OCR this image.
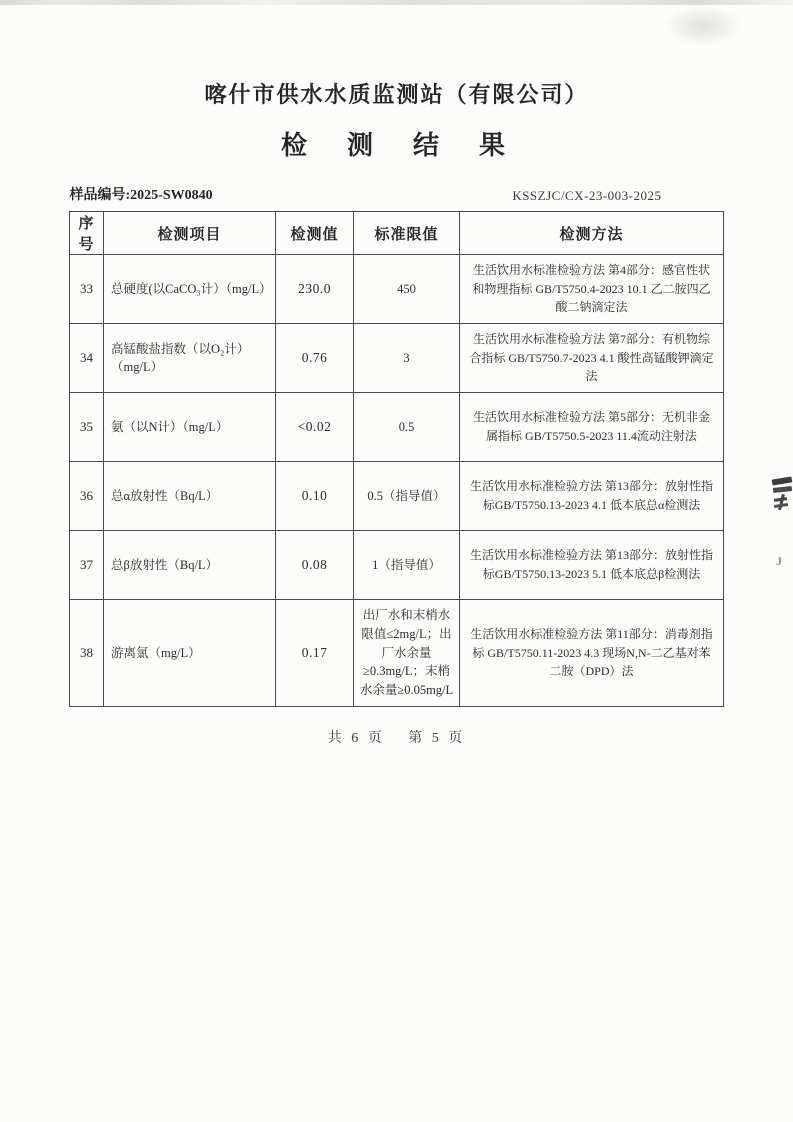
J
喀什市供水水质监测站（有限公司）
检　测　结　果
样品编号:2025-SW0840	KSSZJC/CX-23-003-2025
序号	检测项目	检测值	标准限值	检测方法
33	总硬度(以CaCO₃计）（mg/L）	230.0	450	生活饮用水标准检验方法 第4部分：感官性状和物理指标 GB/T5750.4-2023 10.1 乙二胺四乙酸二钠滴定法
34	高锰酸盐指数（以O₂计）（mg/L）	0.76	3	生活饮用水标准检验方法 第7部分：有机物综合指标 GB/T5750.7-2023 4.1 酸性高锰酸钾滴定法
35	氨（以N计）（mg/L）	<0.02	0.5	生活饮用水标准检验方法 第5部分：无机非金属指标 GB/T5750.5-2023 11.4流动注射法
36	总α放射性（Bq/L）	0.10	0.5（指导值）	生活饮用水标准检验方法 第13部分：放射性指标GB/T5750.13-2023 4.1 低本底总α检测法
37	总β放射性（Bq/L）	0.08	1（指导值）	生活饮用水标准检验方法 第13部分：放射性指标GB/T5750.13-2023 5.1 低本底总β检测法
38	游离氯（mg/L）	0.17	出厂水和末梢水限值≤2mg/L；出厂水余量≥0.3mg/L；末梢水余量≥0.05mg/L	生活饮用水标准检验方法 第11部分：消毒剂指标 GB/T5750.11-2023 4.3 现场N,N-二乙基对苯二胺（DPD）法
共 6 页　 第 5 页
